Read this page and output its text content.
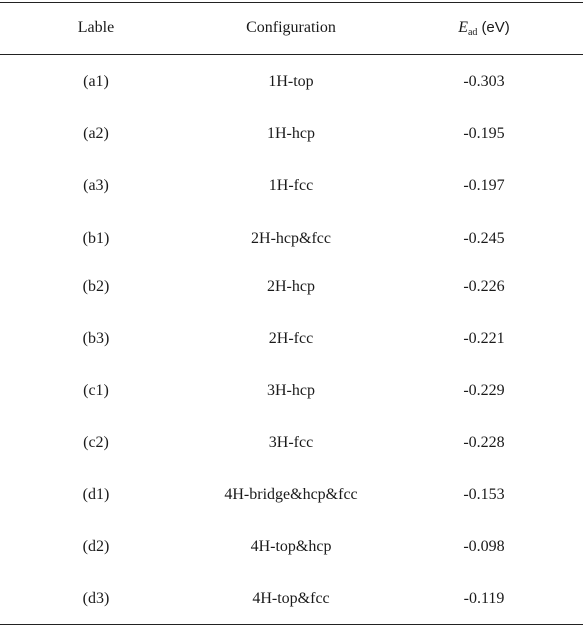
Lable	Configuration	$E_{ad}$ (eV)
(a1)	1H-top	-0.303
(a2)	1H-hcp	-0.195
(a3)	1H-fcc	-0.197
(b1)	2H-hcp&fcc	-0.245
(b2)	2H-hcp	-0.226
(b3)	2H-fcc	-0.221
(c1)	3H-hcp	-0.229
(c2)	3H-fcc	-0.228
(d1)	4H-bridge&hcp&fcc	-0.153
(d2)	4H-top&hcp	-0.098
(d3)	4H-top&fcc	-0.119
